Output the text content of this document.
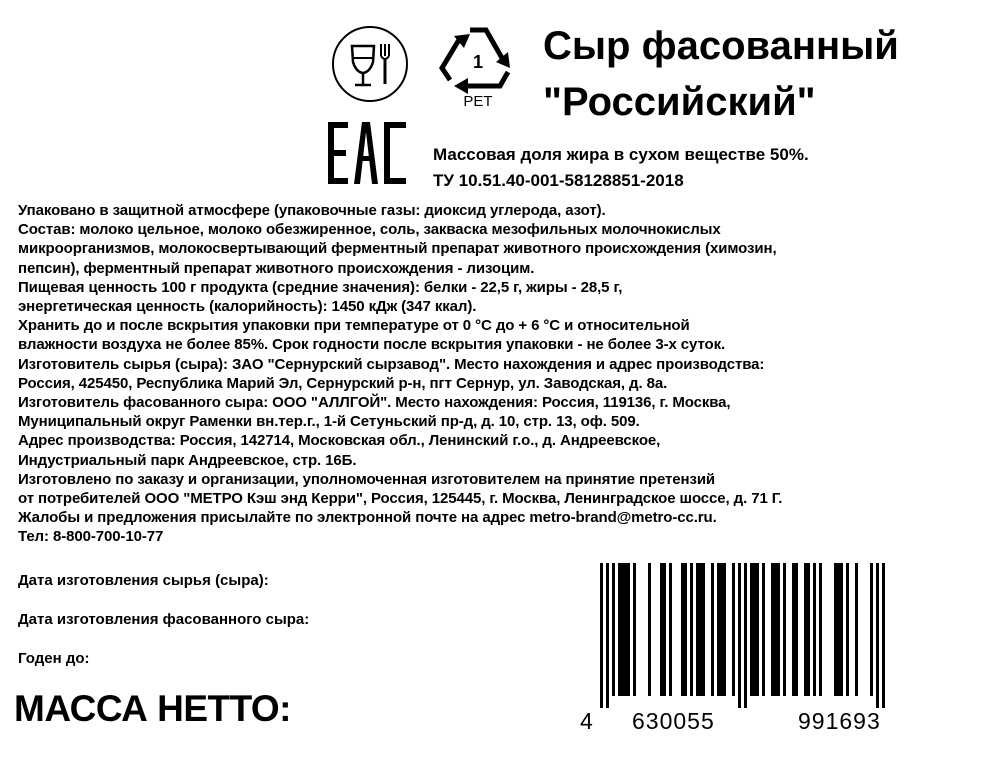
1
PET
Сыр фасованный
"Российский"
Массовая доля жира в сухом веществе 50%.
ТУ 10.51.40-001-58128851-2018
Упаковано в защитной атмосфере (упаковочные газы: диоксид углерода, азот).
Состав: молоко цельное, молоко обезжиренное, соль, закваска мезофильных молочнокислых
микроорганизмов, молокосвертывающий ферментный препарат животного происхождения (химозин,
пепсин), ферментный препарат животного происхождения - лизоцим.
Пищевая ценность 100 г продукта (средние значения): белки - 22,5 г, жиры - 28,5 г,
энергетическая ценность (калорийность): 1450 кДж (347 ккал).
Хранить до и после вскрытия упаковки при температуре от 0 °С до + 6 °С и относительной
влажности воздуха не более 85%. Срок годности после вскрытия упаковки - не более 3-х суток.
Изготовитель сырья (сыра): ЗАО "Сернурский сырзавод". Место нахождения и адрес производства:
Россия, 425450, Республика Марий Эл, Сернурский р-н, пгт Сернур, ул. Заводская, д. 8а.
Изготовитель фасованного сыра: ООО "АЛЛГОЙ". Место нахождения: Россия, 119136, г. Москва,
Муниципальный округ Раменки вн.тер.г., 1-й Сетуньский пр-д, д. 10, стр. 13, оф. 509.
Адрес производства: Россия, 142714, Московская обл., Ленинский г.о., д. Андреевское,
Индустриальный парк Андреевское, стр. 16Б.
Изготовлено по заказу и организации, уполномоченная изготовителем на принятие претензий
от потребителей ООО "МЕТРО Кэш энд Керри", Россия, 125445, г. Москва, Ленинградское шоссе, д. 71 Г.
Жалобы и предложения присылайте по электронной почте на адрес metro-brand@metro-cc.ru.
Тел: 8-800-700-10-77
Дата изготовления сырья (сыра):
Дата изготовления фасованного сыра:
Годен до:
МАССА НЕТТО:	4 630055	991693
